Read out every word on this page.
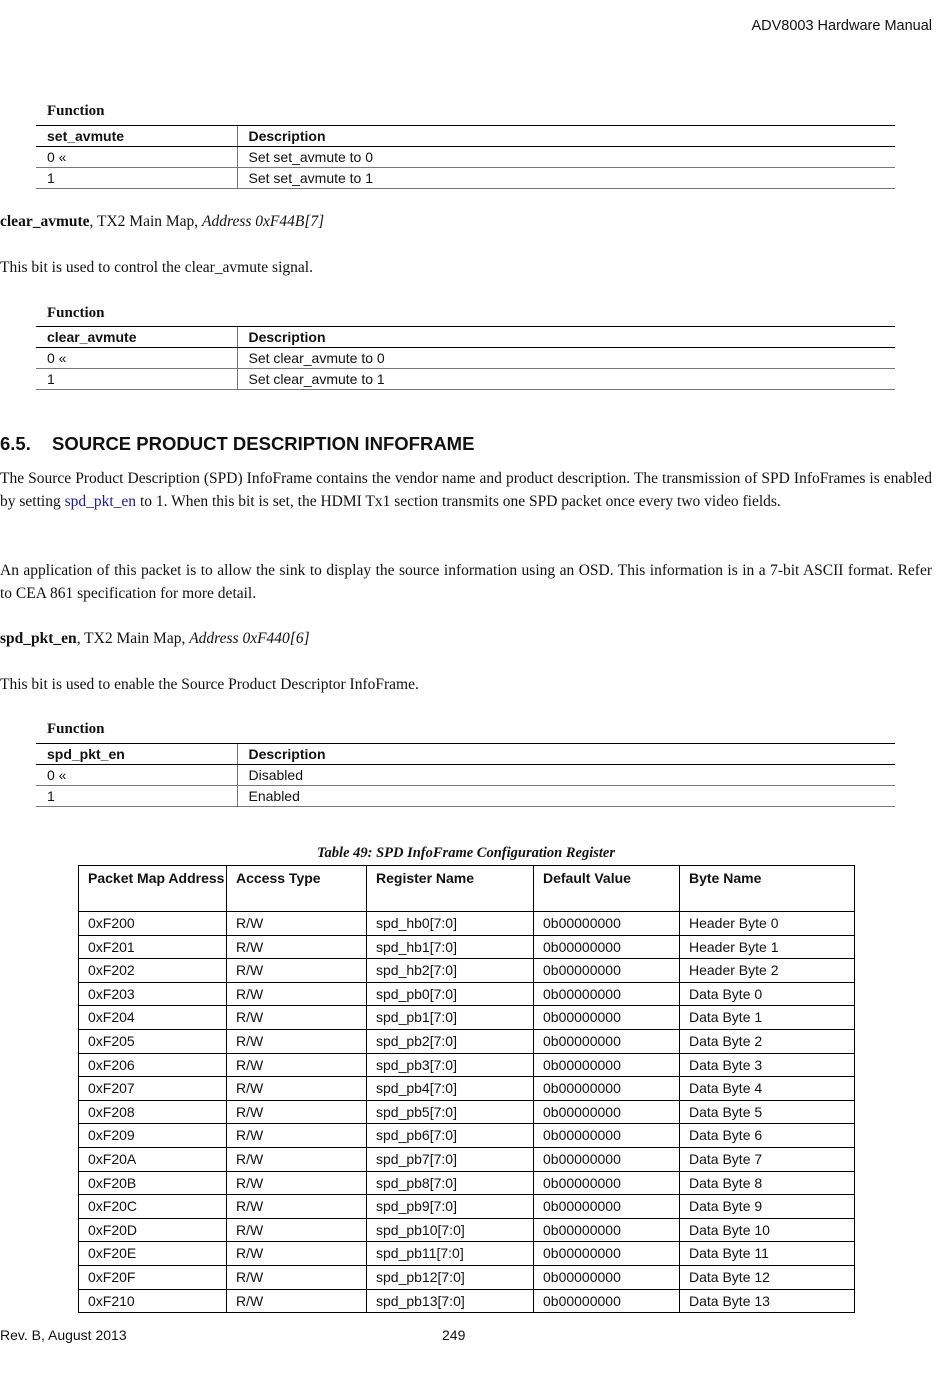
ADV8003 Hardware Manual
Function
set_avmute	Description
0 «	Set set_avmute to 0
1	Set set_avmute to 1
clear_avmute, TX2 Main Map, Address 0xF44B[7]
This bit is used to control the clear_avmute signal.
Function
clear_avmute	Description
0 «	Set clear_avmute to 0
1	Set clear_avmute to 1
6.5. SOURCE PRODUCT DESCRIPTION INFOFRAME
The Source Product Description (SPD) InfoFrame contains the vendor name and product description. The transmission of SPD InfoFrames is enabled by setting spd_pkt_en to 1. When this bit is set, the HDMI Tx1 section transmits one SPD packet once every two video fields.
An application of this packet is to allow the sink to display the source information using an OSD. This information is in a 7-bit ASCII format. Refer to CEA 861 specification for more detail.
spd_pkt_en, TX2 Main Map, Address 0xF440[6]
This bit is used to enable the Source Product Descriptor InfoFrame.
Function
spd_pkt_en	Description
0 «	Disabled
1	Enabled
Table 49: SPD InfoFrame Configuration Register
Packet Map Address	Access Type	Register Name	Default Value	Byte Name
0xF200	R/W	spd_hb0[7:0]	0b00000000	Header Byte 0
0xF201	R/W	spd_hb1[7:0]	0b00000000	Header Byte 1
0xF202	R/W	spd_hb2[7:0]	0b00000000	Header Byte 2
0xF203	R/W	spd_pb0[7:0]	0b00000000	Data Byte 0
0xF204	R/W	spd_pb1[7:0]	0b00000000	Data Byte 1
0xF205	R/W	spd_pb2[7:0]	0b00000000	Data Byte 2
0xF206	R/W	spd_pb3[7:0]	0b00000000	Data Byte 3
0xF207	R/W	spd_pb4[7:0]	0b00000000	Data Byte 4
0xF208	R/W	spd_pb5[7:0]	0b00000000	Data Byte 5
0xF209	R/W	spd_pb6[7:0]	0b00000000	Data Byte 6
0xF20A	R/W	spd_pb7[7:0]	0b00000000	Data Byte 7
0xF20B	R/W	spd_pb8[7:0]	0b00000000	Data Byte 8
0xF20C	R/W	spd_pb9[7:0]	0b00000000	Data Byte 9
0xF20D	R/W	spd_pb10[7:0]	0b00000000	Data Byte 10
0xF20E	R/W	spd_pb11[7:0]	0b00000000	Data Byte 11
0xF20F	R/W	spd_pb12[7:0]	0b00000000	Data Byte 12
0xF210	R/W	spd_pb13[7:0]	0b00000000	Data Byte 13
Rev. B, August 2013	249
